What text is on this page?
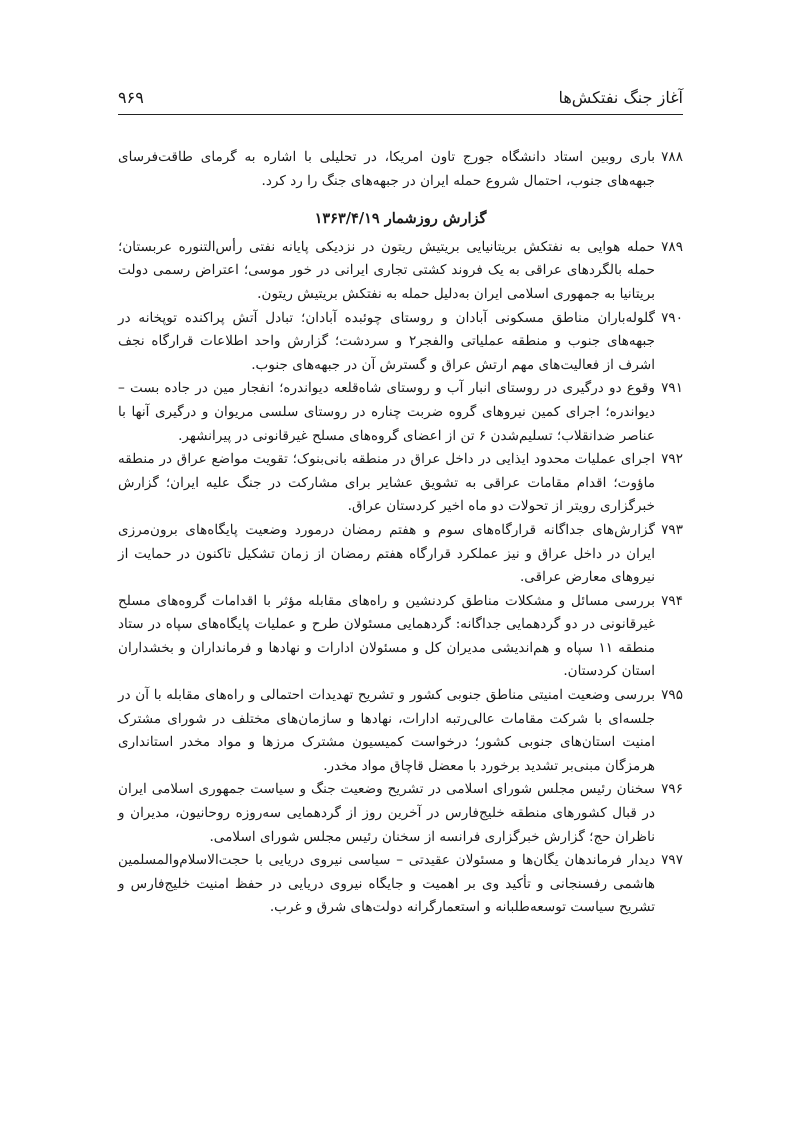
آغاز جنگ نفتکش‌ها
۹۶۹
۷۸۸
باری روبین استاد دانشگاه جورج تاون امریکا، در تحلیلی با اشاره به گرمای طاقت‌فرسای جبهه‌های جنوب، احتمال شروع حمله ایران در جبهه‌های جنگ را رد کرد.
گزارش روزشمار ۱۳۶۳/۴/۱۹
۷۸۹
حمله هوایی به نفتکش بریتانیایی بریتیش ریتون در نزدیکی پایانه نفتی رأس‌التنوره عربستان؛ حمله بالگردهای عراقی به یک فروند کشتی تجاری ایرانی در خور موسی؛ اعتراض رسمی دولت بریتانیا به جمهوری اسلامی ایران به‌دلیل حمله به نفتکش بریتیش ریتون.
۷۹۰
گلوله‌باران مناطق مسکونی آبادان و روستای چوئبده آبادان؛ تبادل آتش پراکنده توپخانه در جبهه‌های جنوب و منطقه عملیاتی والفجر۲ و سردشت؛ گزارش واحد اطلاعات قرارگاه نجف اشرف از فعالیت‌های مهم ارتش عراق و گسترش آن در جبهه‌های جنوب.
۷۹۱
وقوع دو درگیری در روستای انبار آب و روستای شاه‌قلعه دیواندره؛ انفجار مین در جاده بست – دیواندره؛ اجرای کمین نیروهای گروه ضربت چناره در روستای سلسی مریوان و درگیری آنها با عناصر ضدانقلاب؛ تسلیم‌شدن ۶ تن از اعضای گروه‌های مسلح غیرقانونی در پیرانشهر.
۷۹۲
اجرای عملیات محدود ایذایی در داخل عراق در منطقه بانی‌بنوک؛ تقویت مواضع عراق در منطقه ماؤوت؛ اقدام مقامات عراقی به تشویق عشایر برای مشارکت در جنگ علیه ایران؛ گزارش خبرگزاری رویتر از تحولات دو ماه اخیر کردستان عراق.
۷۹۳
گزارش‌های جداگانه قرارگاه‌های سوم و هفتم رمضان درمورد وضعیت پایگاه‌های برون‌مرزی ایران در داخل عراق و نیز عملکرد قرارگاه هفتم رمضان از زمان تشکیل تاکنون در حمایت از نیروهای معارض عراقی.
۷۹۴
بررسی مسائل و مشکلات مناطق کردنشین و راه‌های مقابله مؤثر با اقدامات گروه‌های مسلح غیرقانونی در دو گردهمایی جداگانه: گردهمایی مسئولان طرح و عملیات پایگاه‌های سپاه در ستاد منطقه ۱۱ سپاه و هم‌اندیشی مدیران کل و مسئولان ادارات و نهادها و فرمانداران و بخشداران استان کردستان.
۷۹۵
بررسی وضعیت امنیتی مناطق جنوبی کشور و تشریح تهدیدات احتمالی و راه‌های مقابله با آن در جلسه‌ای با شرکت مقامات عالی‌رتبه ادارات، نهادها و سازمان‌های مختلف در شورای مشترک امنیت استان‌های جنوبی کشور؛ درخواست کمیسیون مشترک مرزها و مواد مخدر استانداری هرمزگان مبنی‌بر تشدید برخورد با معضل قاچاق مواد مخدر.
۷۹۶
سخنان رئیس مجلس شورای اسلامی در تشریح وضعیت جنگ و سیاست جمهوری اسلامی ایران در قبال کشورهای منطقه خلیج‌فارس در آخرین روز از گردهمایی سه‌روزه روحانیون، مدیران و ناظران حج؛ گزارش خبرگزاری فرانسه از سخنان رئیس مجلس شورای اسلامی.
۷۹۷
دیدار فرماندهان یگان‌ها و مسئولان عقیدتی – سیاسی نیروی دریایی با حجت‌الاسلام‌والمسلمین هاشمی رفسنجانی و تأکید وی بر اهمیت و جایگاه نیروی دریایی در حفظ امنیت خلیج‌فارس و تشریح سیاست توسعه‌طلبانه و استعمارگرانه دولت‌های شرق و غرب.
